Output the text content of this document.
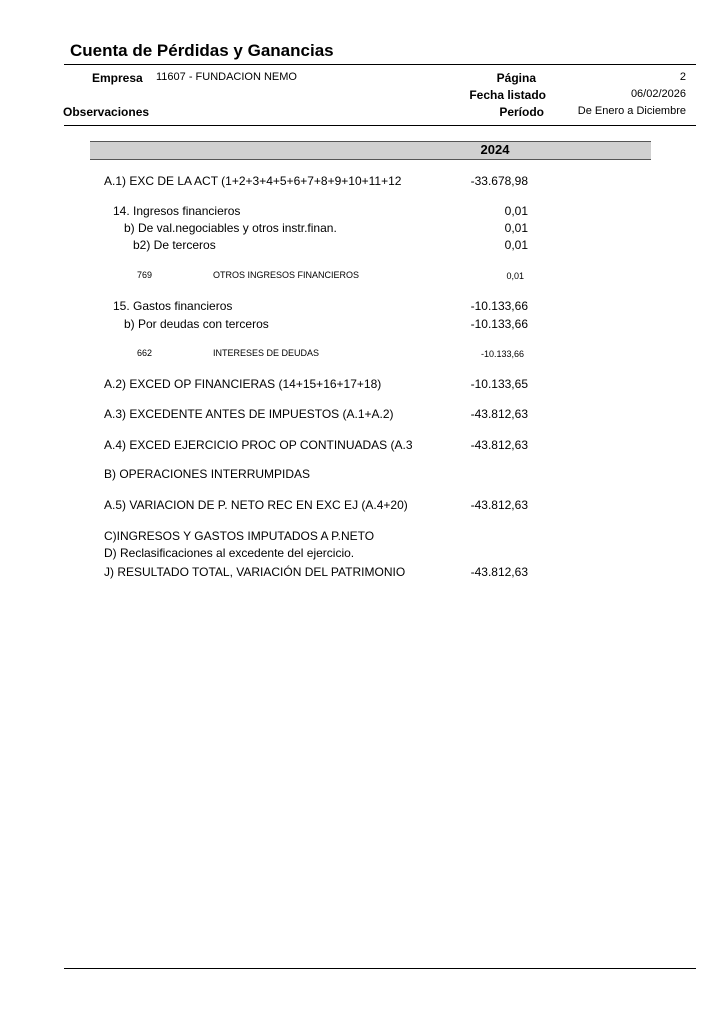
Cuenta de Pérdidas y Ganancias
Empresa 11607 - FUNDACION NEMO	Página	2
Fecha listado	06/02/2026
Observaciones	Período	De Enero a Diciembre
2024
A.1) EXC DE LA ACT (1+2+3+4+5+6+7+8+9+10+11+12	-33.678,98
14. Ingresos financieros	0,01
b) De val.negociables y otros instr.finan.	0,01
b2) De terceros	0,01
769	OTROS INGRESOS FINANCIEROS	0,01
15. Gastos financieros	-10.133,66
b) Por deudas con terceros	-10.133,66
662	INTERESES DE DEUDAS	-10.133,66
A.2) EXCED OP FINANCIERAS (14+15+16+17+18)	-10.133,65
A.3) EXCEDENTE ANTES DE IMPUESTOS (A.1+A.2)	-43.812,63
A.4) EXCED EJERCICIO PROC OP CONTINUADAS (A.3	-43.812,63
B) OPERACIONES INTERRUMPIDAS
A.5) VARIACION DE P. NETO REC EN EXC EJ (A.4+20)	-43.812,63
C)INGRESOS Y GASTOS IMPUTADOS A P.NETO
D) Reclasificaciones al excedente del ejercicio.
J) RESULTADO TOTAL, VARIACIÓN DEL PATRIMONIO	-43.812,63
